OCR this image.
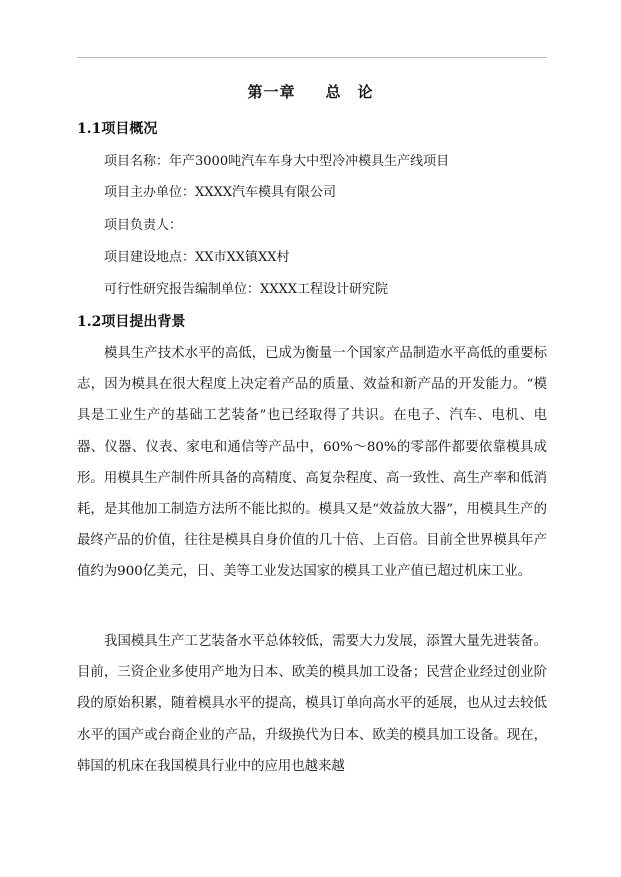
第一章 总　论
1.1项目概况
项目名称：年产3000吨汽车车身大中型冷冲模具生产线项目
项目主办单位：XXXX汽车模具有限公司
项目负责人：
项目建设地点：XX市XX镇XX村
可行性研究报告编制单位：XXXX工程设计研究院
1.2项目提出背景
模具生产技术水平的高低，已成为衡量一个国家产品制造水平高低的重要标志，因为模具在很大程度上决定着产品的质量、效益和新产品的开发能力。“模具是工业生产的基础工艺装备”也已经取得了共识。在电子、汽车、电机、电器、仪器、仪表、家电和通信等产品中，60%～80%的零部件都要依靠模具成形。用模具生产制件所具备的高精度、高复杂程度、高一致性、高生产率和低消耗，是其他加工制造方法所不能比拟的。模具又是“效益放大器”，用模具生产的最终产品的价值，往往是模具自身价值的几十倍、上百倍。目前全世界模具年产值约为900亿美元，日、美等工业发达国家的模具工业产值已超过机床工业。
我国模具生产工艺装备水平总体较低，需要大力发展，添置大量先进装备。目前，三资企业多使用产地为日本、欧美的模具加工设备；民营企业经过创业阶段的原始积累，随着模具水平的提高，模具订单向高水平的延展，也从过去较低水平的国产或台商企业的产品，升级换代为日本、欧美的模具加工设备。现在，韩国的机床在我国模具行业中的应用也越来越
